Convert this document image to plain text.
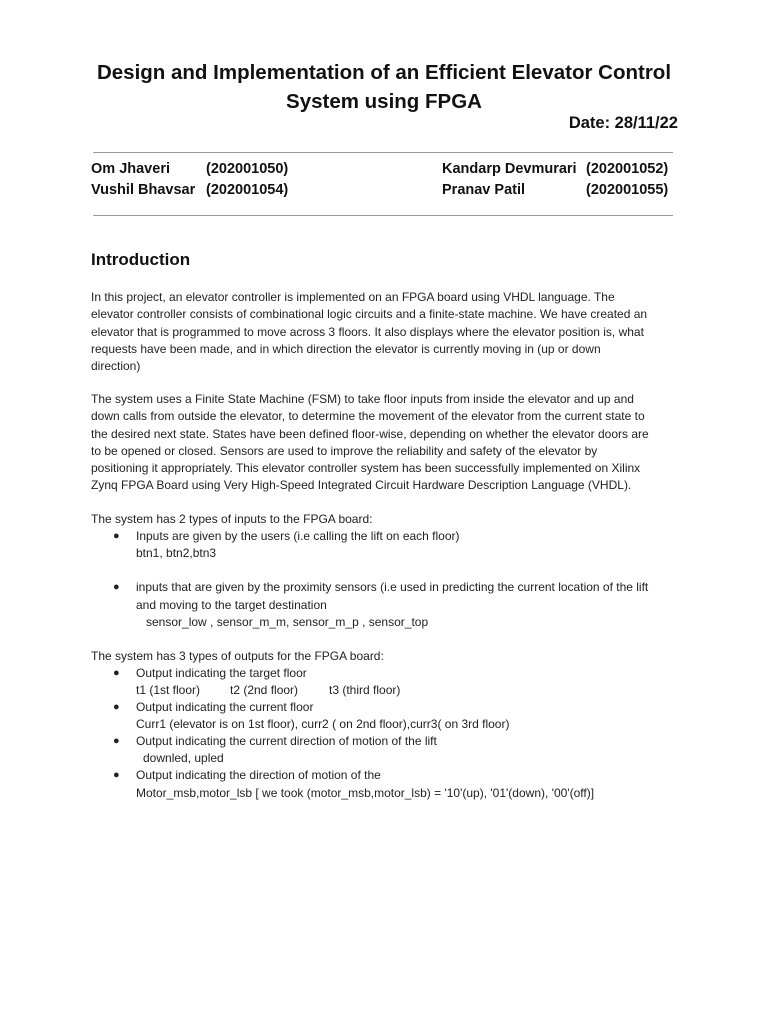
Design and Implementation of an Efficient Elevator Control
System using FPGA
Date: 28/11/22
Om Jhaveri (202001050)
Vushil Bhavsar (202001054)
Kandarp Devmurari (202001052)
Pranav Patil	(202001055)
Introduction
In this project, an elevator controller is implemented on an FPGA board using VHDL language. The
elevator controller consists of combinational logic circuits and a finite-state machine. We have created an
elevator that is programmed to move across 3 floors. It also displays where the elevator position is, what
requests have been made, and in which direction the elevator is currently moving in (up or down
direction)
The system uses a Finite State Machine (FSM) to take floor inputs from inside the elevator and up and
down calls from outside the elevator, to determine the movement of the elevator from the current state to
the desired next state. States have been defined floor-wise, depending on whether the elevator doors are
to be opened or closed. Sensors are used to improve the reliability and safety of the elevator by
positioning it appropriately. This elevator controller system has been successfully implemented on Xilinx
Zynq FPGA Board using Very High-Speed Integrated Circuit Hardware Description Language (VHDL).
The system has 2 types of inputs to the FPGA board:
● Inputs are given by the users (i.e calling the lift on each floor)
btn1, btn2,btn3
● inputs that are given by the proximity sensors (i.e used in predicting the current location of the lift
and moving to the target destination
sensor_low , sensor_m_m, sensor_m_p , sensor_top
The system has 3 types of outputs for the FPGA board:
● Output indicating the target floor
t1 (1st floor) t2 (2nd floor)	t3 (third floor)
● Output indicating the current floor
Curr1 (elevator is on 1st floor), curr2 ( on 2nd floor),curr3( on 3rd floor)
● Output indicating the current direction of motion of the lift
downled, upled
● Output indicating the direction of motion of the
Motor_msb,motor_lsb [ we took (motor_msb,motor_lsb) = '10'(up), '01'(down), '00'(off)]
